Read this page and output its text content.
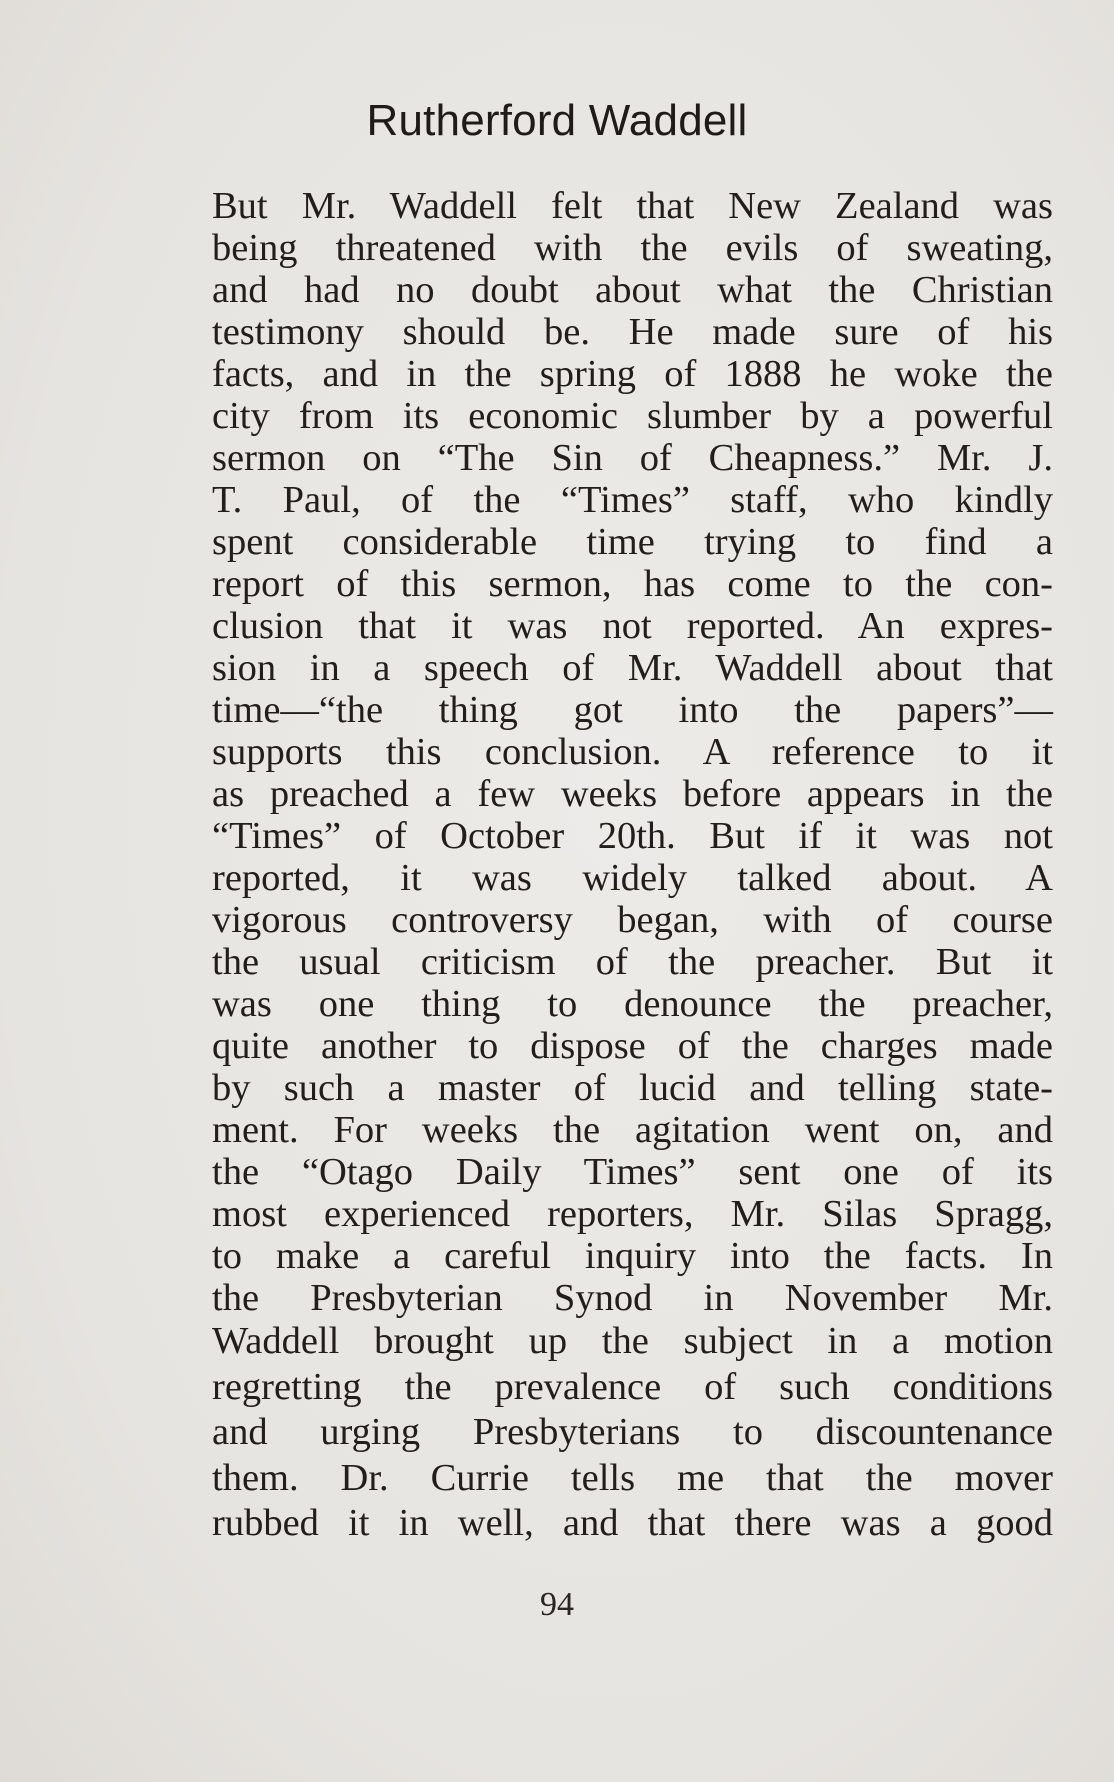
Rutherford Waddell
But Mr. Waddell felt that New Zealand was
being threatened with the evils of sweating,
and had no doubt about what the Christian
testimony should be. He made sure of his
facts, and in the spring of 1888 he woke the
city from its economic slumber by a powerful
sermon on “The Sin of Cheapness.” Mr. J.
T. Paul, of the “Times” staff, who kindly
spent considerable time trying to find a
report of this sermon, has come to the con-
clusion that it was not reported. An expres-
sion in a speech of Mr. Waddell about that
time—“the thing got into the papers”—
supports this conclusion. A reference to it
as preached a few weeks before appears in the
“Times” of October 20th. But if it was not
reported, it was widely talked about. A
vigorous controversy began, with of course
the usual criticism of the preacher. But it
was one thing to denounce the preacher,
quite another to dispose of the charges made
by such a master of lucid and telling state-
ment. For weeks the agitation went on, and
the “Otago Daily Times” sent one of its
most experienced reporters, Mr. Silas Spragg,
to make a careful inquiry into the facts. In
the Presbyterian Synod in November Mr.
Waddell brought up the subject in a motion
regretting the prevalence of such conditions
and urging Presbyterians to discountenance
them. Dr. Currie tells me that the mover
rubbed it in well, and that there was a good
94
